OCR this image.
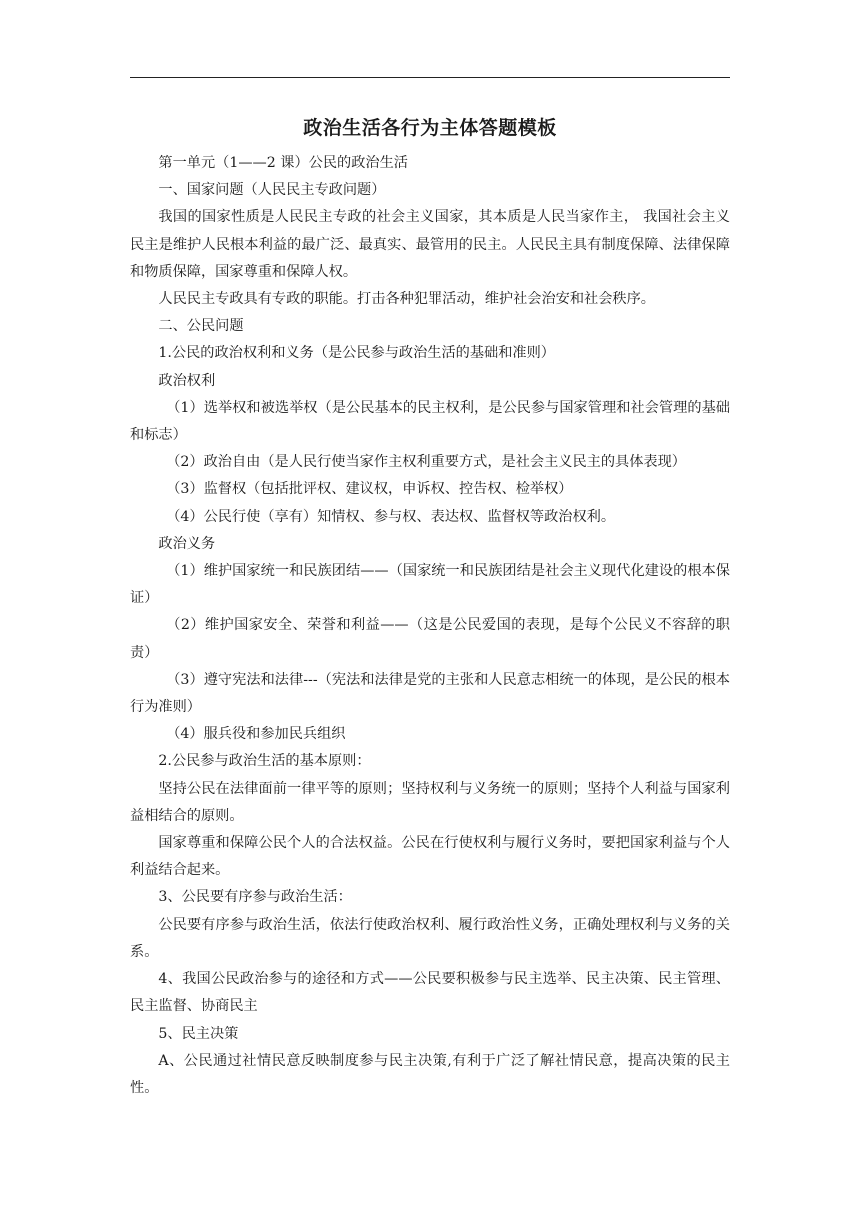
政治生活各行为主体答题模板

第一单元（1——2 课）公民的政治生活

一、国家问题（人民民主专政问题）

我国的国家性质是人民民主专政的社会主义国家，其本质是人民当家作主， 我国社会主义民主是维护人民根本利益的最广泛、最真实、最管用的民主。人民民主具有制度保障、法律保障和物质保障，国家尊重和保障人权。

人民民主专政具有专政的职能。打击各种犯罪活动，维护社会治安和社会秩序。

二、公民问题

1.公民的政治权利和义务（是公民参与政治生活的基础和准则）

政治权利

（1）选举权和被选举权（是公民基本的民主权利，是公民参与国家管理和社会管理的基础和标志）

（2）政治自由（是人民行使当家作主权利重要方式，是社会主义民主的具体表现）

（3）监督权（包括批评权、建议权，申诉权、控告权、检举权）

（4）公民行使（享有）知情权、参与权、表达权、监督权等政治权利。

政治义务

（1）维护国家统一和民族团结——（国家统一和民族团结是社会主义现代化建设的根本保证）

（2）维护国家安全、荣誉和利益——（这是公民爱国的表现，是每个公民义不容辞的职责）

（3）遵守宪法和法律---（宪法和法律是党的主张和人民意志相统一的体现，是公民的根本行为准则）

（4）服兵役和参加民兵组织

2.公民参与政治生活的基本原则：

坚持公民在法律面前一律平等的原则；坚持权利与义务统一的原则；坚持个人利益与国家利益相结合的原则。

国家尊重和保障公民个人的合法权益。公民在行使权利与履行义务时，要把国家利益与个人利益结合起来。

3、公民要有序参与政治生活：

公民要有序参与政治生活，依法行使政治权利、履行政治性义务，正确处理权利与义务的关系。

4、我国公民政治参与的途径和方式——公民要积极参与民主选举、民主决策、民主管理、民主监督、协商民主

5、民主决策

A、公民通过社情民意反映制度参与民主决策,有利于广泛了解社情民意，提高决策的民主性。
